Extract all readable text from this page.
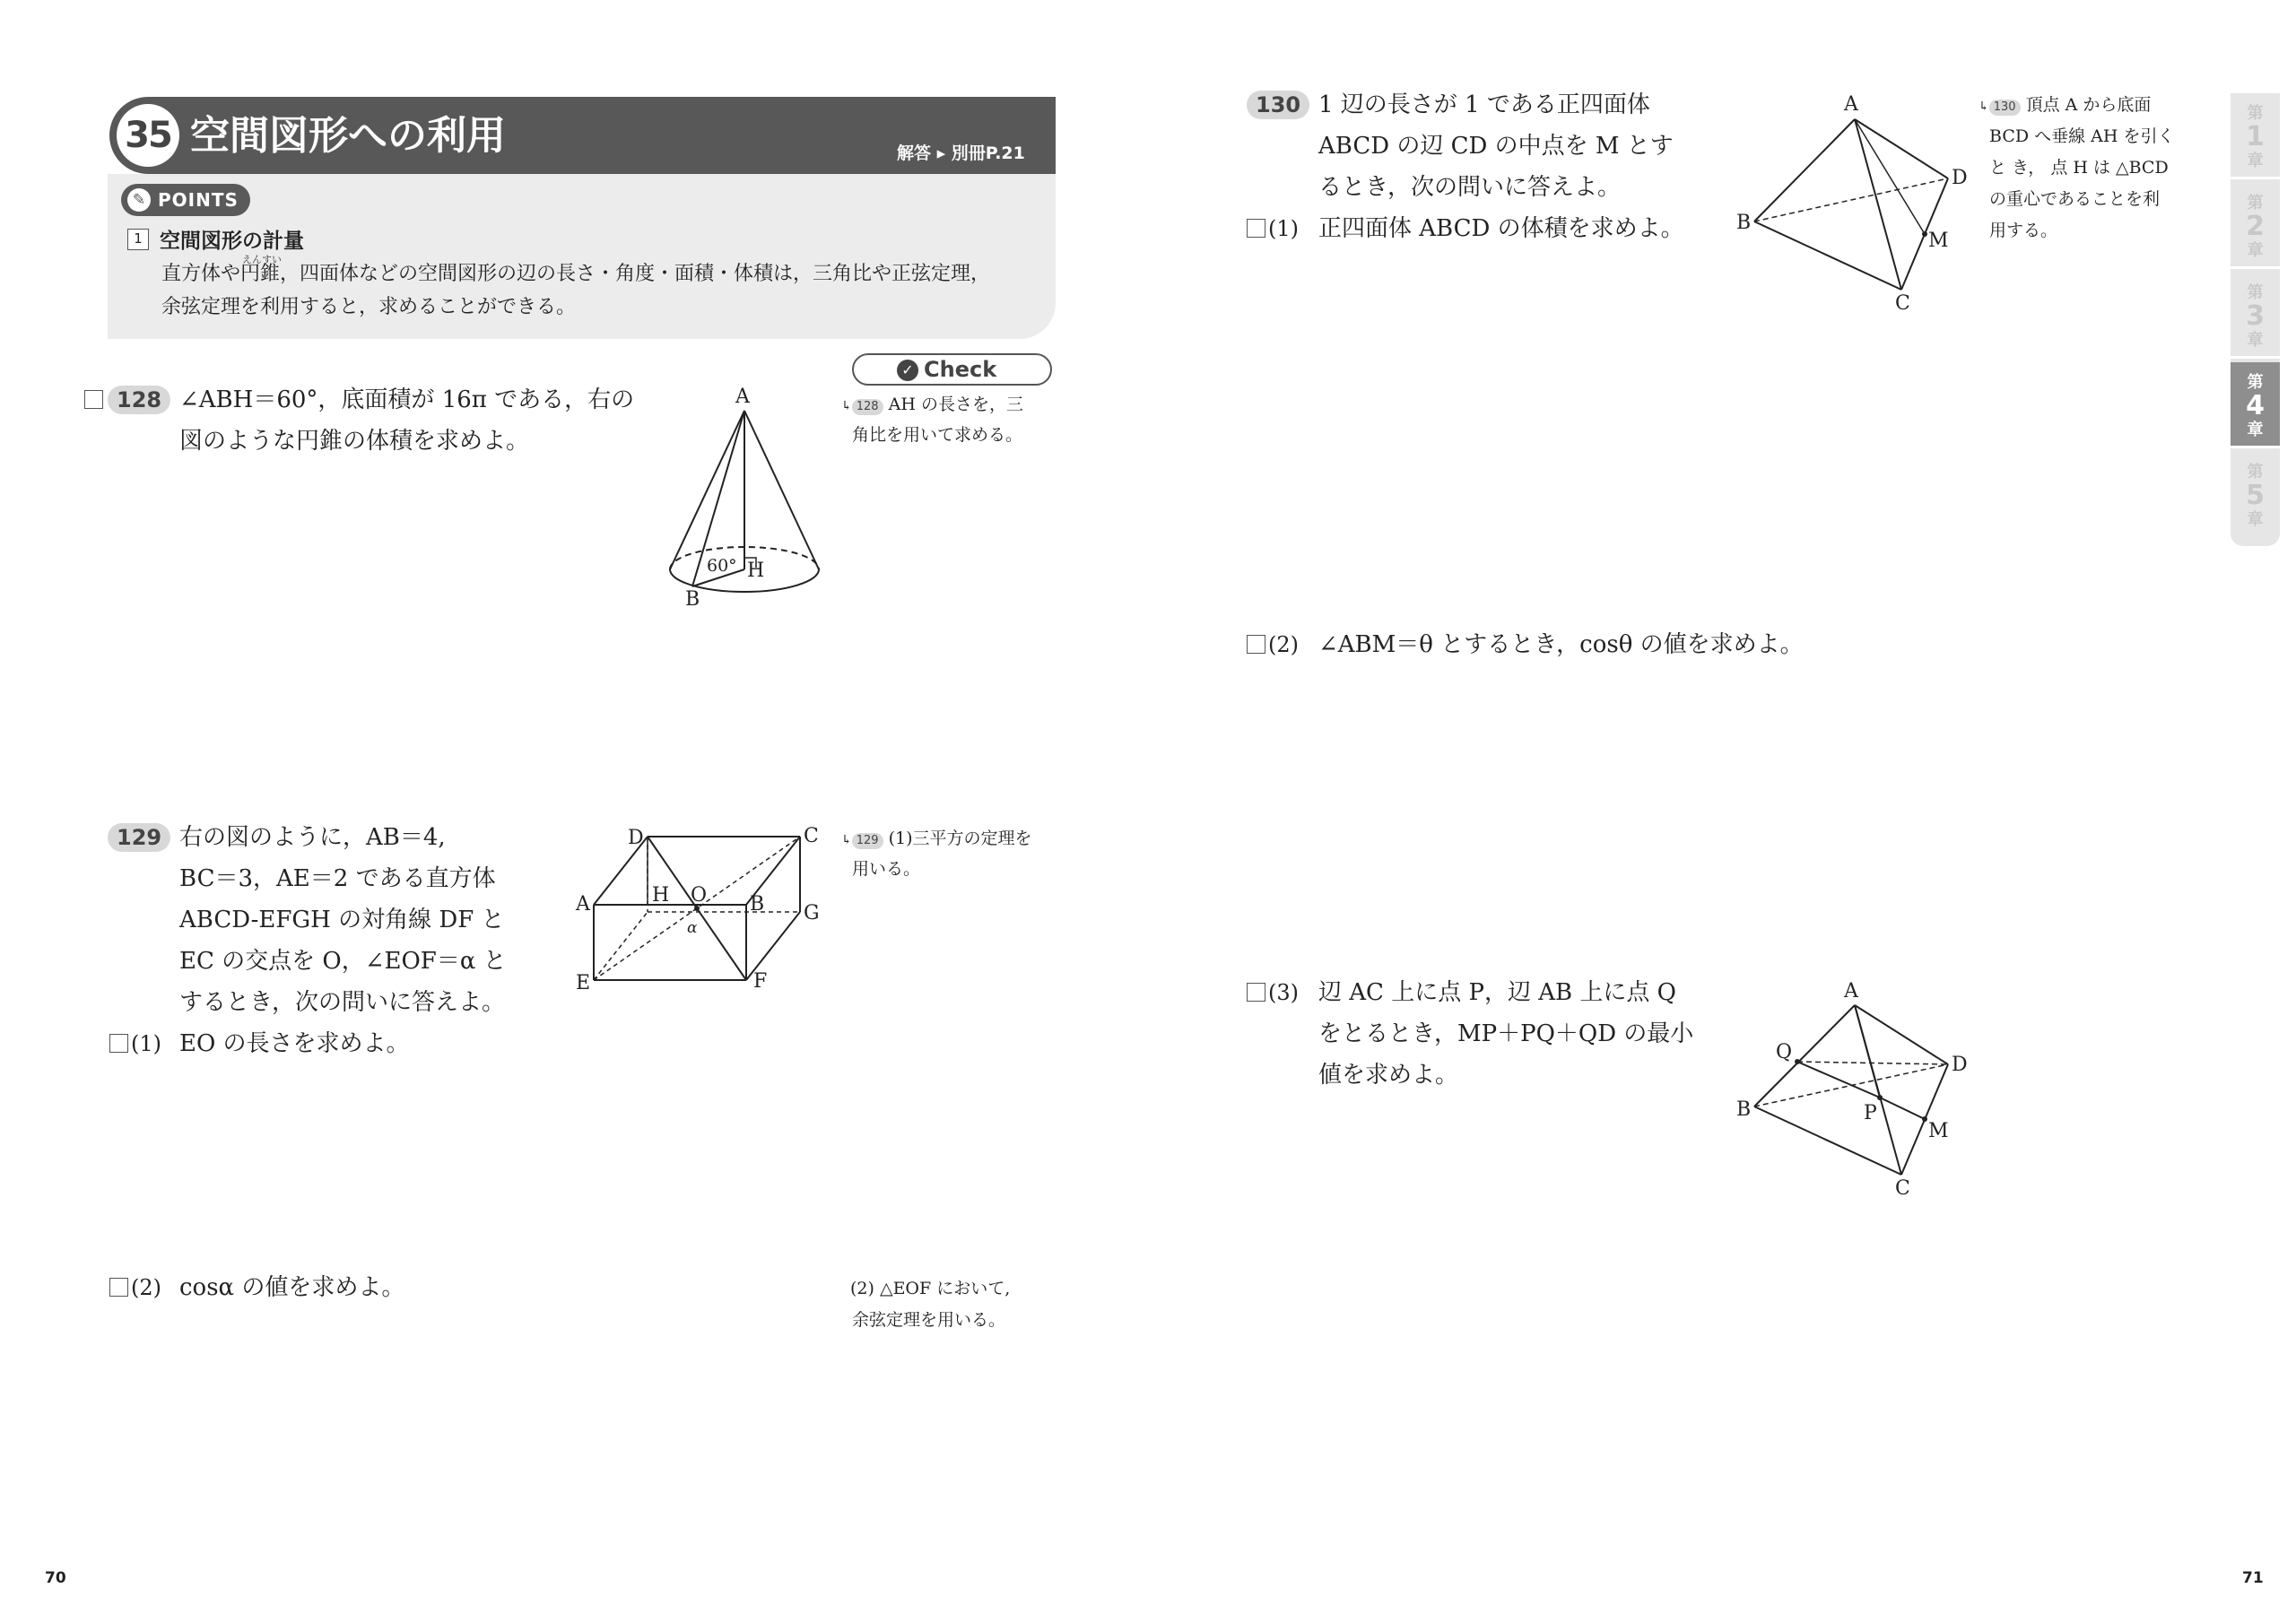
35 空間図形への利用	解答 ▸ 別冊P.21
✎ POINTS
1 空間図形の計量
えんすい
直方体や円錐，四面体などの空間図形の辺の長さ・角度・面積・体積は，三角比や正弦定理，
余弦定理を利用すると，求めることができる。
✓ Check
128 ∠ABH＝60°，底面積が 16π である，右の
図のような円錐の体積を求めよ。
A
B
H
60°
↳ 128 AH の長さを，三
角比を用いて求める。
129 右の図のように，AB＝4,
BC＝3，AE＝2 である直方体
ABCD-EFGH の対角線 DF と
EC の交点を O，∠EOF＝α と
するとき，次の問いに答えよ。
(1) EO の長さを求めよ。
(2) cosα の値を求めよ。
D	C
A	B G
E	F
H O
α
↳ 129 (1)三平方の定理を
用いる。
(2) △EOF において,
余弦定理を用いる。
70
130 1 辺の長さが 1 である正四面体
ABCD の辺 CD の中点を M とす
るとき，次の問いに答えよ。
(1) 正四面体 ABCD の体積を求めよ。
(2) ∠ABM＝θ とするとき，cosθ の値を求めよ。
(3) 辺 AC 上に点 P，辺 AB 上に点 Q
をとるとき，MP＋PQ＋QD の最小
値を求めよ。
A
B
D
C
M
A
Q
B
D
P
M
C
↳ 130 頂点 A から底面
BCD へ垂線 AH を引く
と き， 点 H は △BCD
の重心であることを利
用する。
第
1
章
第
2
章
第
3
章
第
4
章
第
5
章
71
